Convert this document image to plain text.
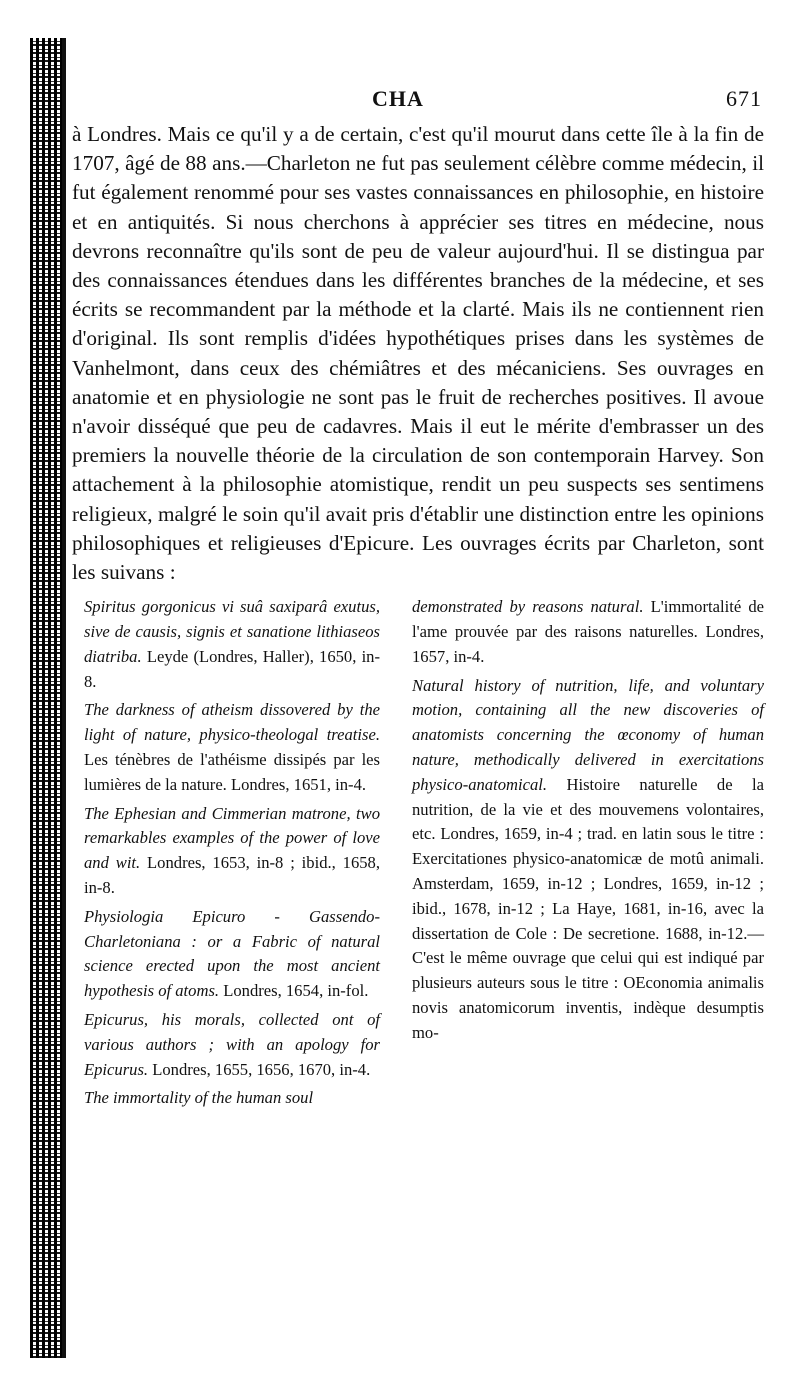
CHA	671

à Londres. Mais ce qu'il y a de certain, c'est qu'il mourut dans cette île à la fin de 1707, âgé de 88 ans.—Charleton ne fut pas seulement célèbre comme médecin, il fut également renommé pour ses vastes connaissances en philosophie, en histoire et en antiquités. Si nous cherchons à apprécier ses titres en médecine, nous devrons reconnaître qu'ils sont de peu de valeur aujourd'hui. Il se distingua par des connaissances étendues dans les différentes branches de la médecine, et ses écrits se recommandent par la méthode et la clarté. Mais ils ne contiennent rien d'original. Ils sont remplis d'idées hypothétiques prises dans les systèmes de Vanhelmont, dans ceux des chémiâtres et des mécaniciens. Ses ouvrages en anatomie et en physiologie ne sont pas le fruit de recherches positives. Il avoue n'avoir disséqué que peu de cadavres. Mais il eut le mérite d'embrasser un des premiers la nouvelle théorie de la circulation de son contemporain Harvey. Son attachement à la philosophie atomistique, rendit un peu suspects ses sentimens religieux, malgré le soin qu'il avait pris d'établir une distinction entre les opinions philosophiques et religieuses d'Epicure. Les ouvrages écrits par Charleton, sont les suivans :

Spiritus gorgonicus vi suâ saxiparâ exutus, sive de causis, signis et sanatione lithiaseos diatriba. Leyde (Londres, Haller), 1650, in-8.

The darkness of atheism dissovered by the light of nature, physico-theologal treatise. Les ténèbres de l'athéisme dissipés par les lumières de la nature. Londres, 1651, in-4.

The Ephesian and Cimmerian matrone, two remarkables examples of the power of love and wit. Londres, 1653, in-8 ; ibid., 1658, in-8.

Physiologia Epicuro - Gassendo-Charletoniana : or a Fabric of natural science erected upon the most ancient hypothesis of atoms. Londres, 1654, in-fol.

Epicurus, his morals, collected ont of various authors ; with an apology for Epicurus. Londres, 1655, 1656, 1670, in-4.

The immortality of the human soul

demonstrated by reasons natural. L'immortalité de l'ame prouvée par des raisons naturelles. Londres, 1657, in-4.

Natural history of nutrition, life, and voluntary motion, containing all the new discoveries of anatomists concerning the œconomy of human nature, methodically delivered in exercitations physico-anatomical. Histoire naturelle de la nutrition, de la vie et des mouvemens volontaires, etc. Londres, 1659, in-4 ; trad. en latin sous le titre : Exercitationes physico-anatomicæ de motû animali. Amsterdam, 1659, in-12 ; Londres, 1659, in-12 ; ibid., 1678, in-12 ; La Haye, 1681, in-16, avec la dissertation de Cole : De secretione. 1688, in-12.—C'est le même ouvrage que celui qui est indiqué par plusieurs auteurs sous le titre : OEconomia animalis novis anatomicorum inventis, indèque desumptis mo-
